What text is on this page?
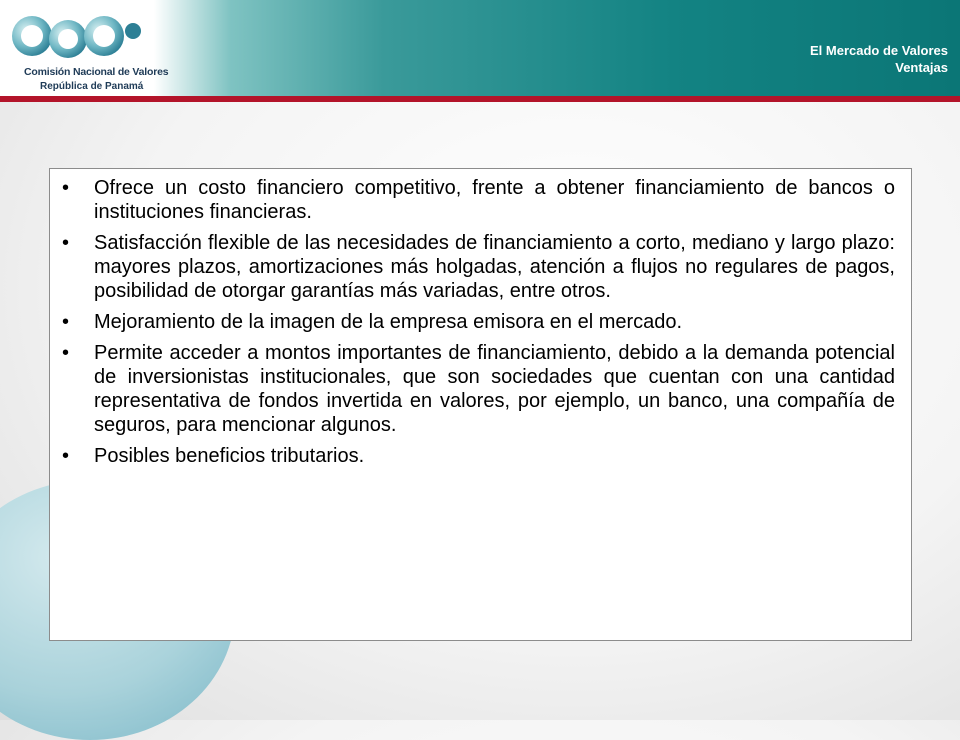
Comisión Nacional de Valores
República de Panamá
El Mercado de Valores
Ventajas
•	Ofrece un costo financiero competitivo, frente a obtener financiamiento de bancos o instituciones financieras.
•	Satisfacción flexible de las necesidades de financiamiento a corto, mediano y largo plazo: mayores plazos, amortizaciones más holgadas, atención a flujos no regulares de pagos, posibilidad de otorgar garantías más variadas, entre otros.
•	Mejoramiento de la imagen de la empresa emisora en el mercado.
•	Permite acceder a montos importantes de financiamiento, debido a la demanda potencial de inversionistas institucionales, que son sociedades que cuentan con una cantidad representativa de fondos invertida en valores, por ejemplo, un banco, una compañía de seguros, para mencionar algunos.
•	Posibles beneficios tributarios.
